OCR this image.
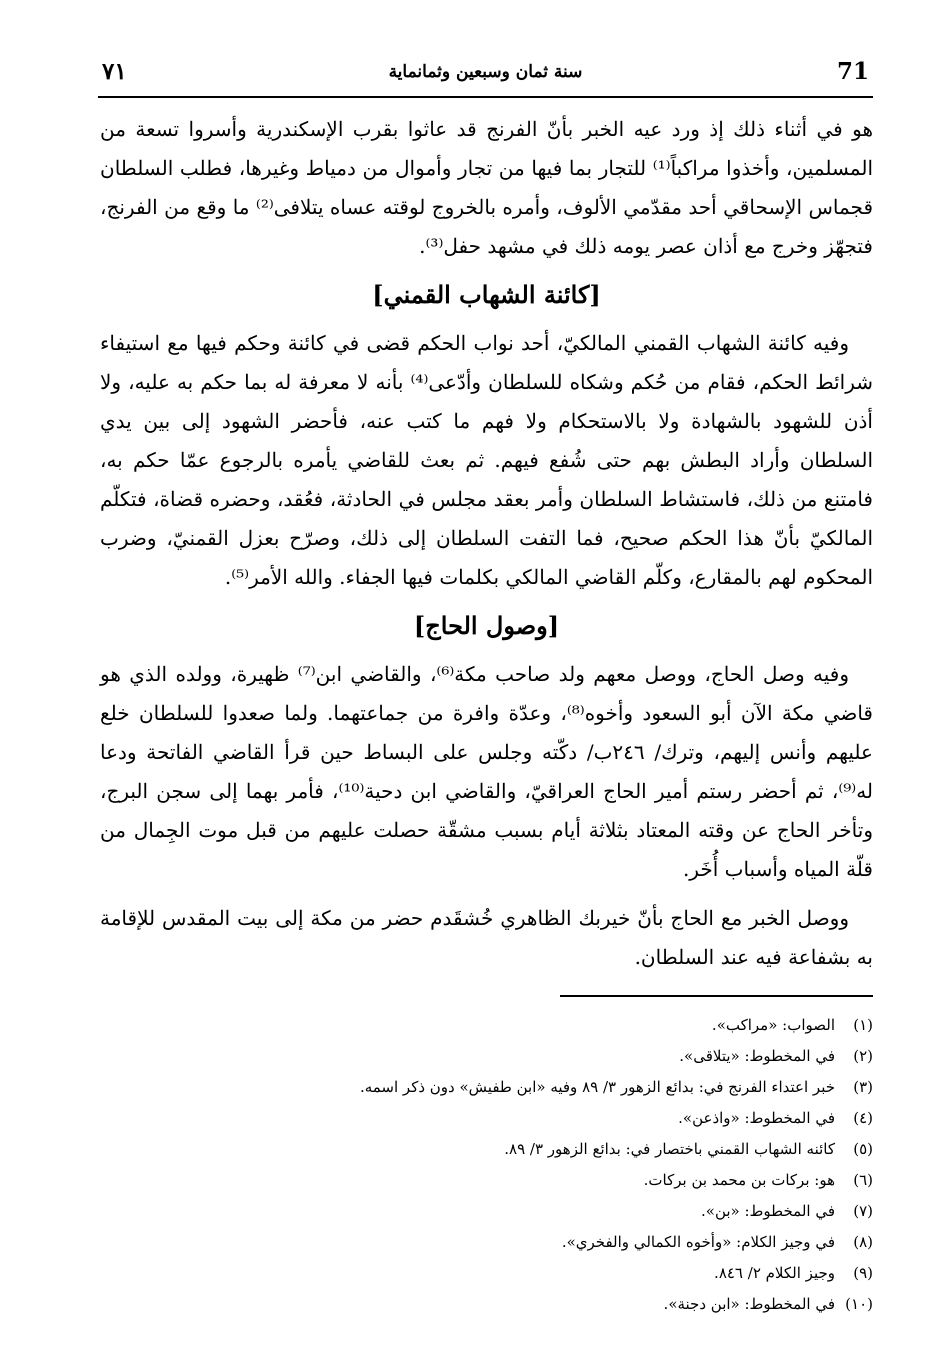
٧١	سنة ثمان وسبعين وثمانماية	71

هو في أثناء ذلك إذ ورد عيه الخبر بأنّ الفرنج قد عاثوا بقرب الإسكندرية وأسروا تسعة من المسلمين، وأخذوا مراكباً⁽¹⁾ للتجار بما فيها من تجار وأموال من دمياط وغيرها، فطلب السلطان قجماس الإسحاقي أحد مقدّمي الألوف، وأمره بالخروج لوقته عساه يتلافى⁽²⁾ ما وقع من الفرنج، فتجهّز وخرج مع أذان عصر يومه ذلك في مشهد حفل⁽³⁾.

[كائنة الشهاب القمني]

وفيه كائنة الشهاب القمني المالكيّ، أحد نواب الحكم قضى في كائنة وحكم فيها مع استيفاء شرائط الحكم، فقام من حُكم وشكاه للسلطان وأدّعى⁽⁴⁾ بأنه لا معرفة له بما حكم به عليه، ولا أذن للشهود بالشهادة ولا بالاستحكام ولا فهم ما كتب عنه، فأحضر الشهود إلى بين يدي السلطان وأراد البطش بهم حتى شُفع فيهم. ثم بعث للقاضي يأمره بالرجوع عمّا حكم به، فامتنع من ذلك، فاستشاط السلطان وأمر بعقد مجلس في الحادثة، فعُقد، وحضره قضاة، فتكلّم المالكيّ بأنّ هذا الحكم صحيح، فما التفت السلطان إلى ذلك، وصرّح بعزل القمنيّ، وضرب المحكوم لهم بالمقارع، وكلّم القاضي المالكي بكلمات فيها الجفاء. والله الأمر⁽⁵⁾.

[وصول الحاج]

وفيه وصل الحاج، ووصل معهم ولد صاحب مكة⁽⁶⁾، والقاضي ابن⁽⁷⁾ ظهيرة، وولده الذي هو قاضي مكة الآن أبو السعود وأخوه⁽⁸⁾، وعدّة وافرة من جماعتهما. ولما صعدوا للسلطان خلع عليهم وأنس إليهم، وترك/ ٢٤٦ب/ دكّته وجلس على البساط حين قرأ القاضي الفاتحة ودعا له⁽⁹⁾، ثم أحضر رستم أمير الحاج العراقيّ، والقاضي ابن دحية⁽¹⁰⁾، فأمر بهما إلى سجن البرج، وتأخر الحاج عن وقته المعتاد بثلاثة أيام بسبب مشقّة حصلت عليهم من قبل موت الجِمال من قلّة المياه وأسباب أُخَر.

ووصل الخبر مع الحاج بأنّ خيربك الظاهري خُشقَدم حضر من مكة إلى بيت المقدس للإقامة به بشفاعة فيه عند السلطان.

(١)
الصواب: «مراكب».
(٢)
في المخطوط: «يتلاقى».
(٣)
خبر اعتداء الفرنج في: بدائع الزهور ٣/ ٨٩ وفيه «ابن طفيش» دون ذكر اسمه.
(٤)
في المخطوط: «واذعن».
(٥)
كائنه الشهاب القمني باختصار في: بدائع الزهور ٣/ ٨٩.
(٦)
هو: بركات بن محمد بن بركات.
(٧)
في المخطوط: «بن».
(٨)
في وجيز الكلام: «وأخوه الكمالي والفخري».
(٩)
وجيز الكلام ٢/ ٨٤٦.
(١٠)
في المخطوط: «ابن دجنة».
